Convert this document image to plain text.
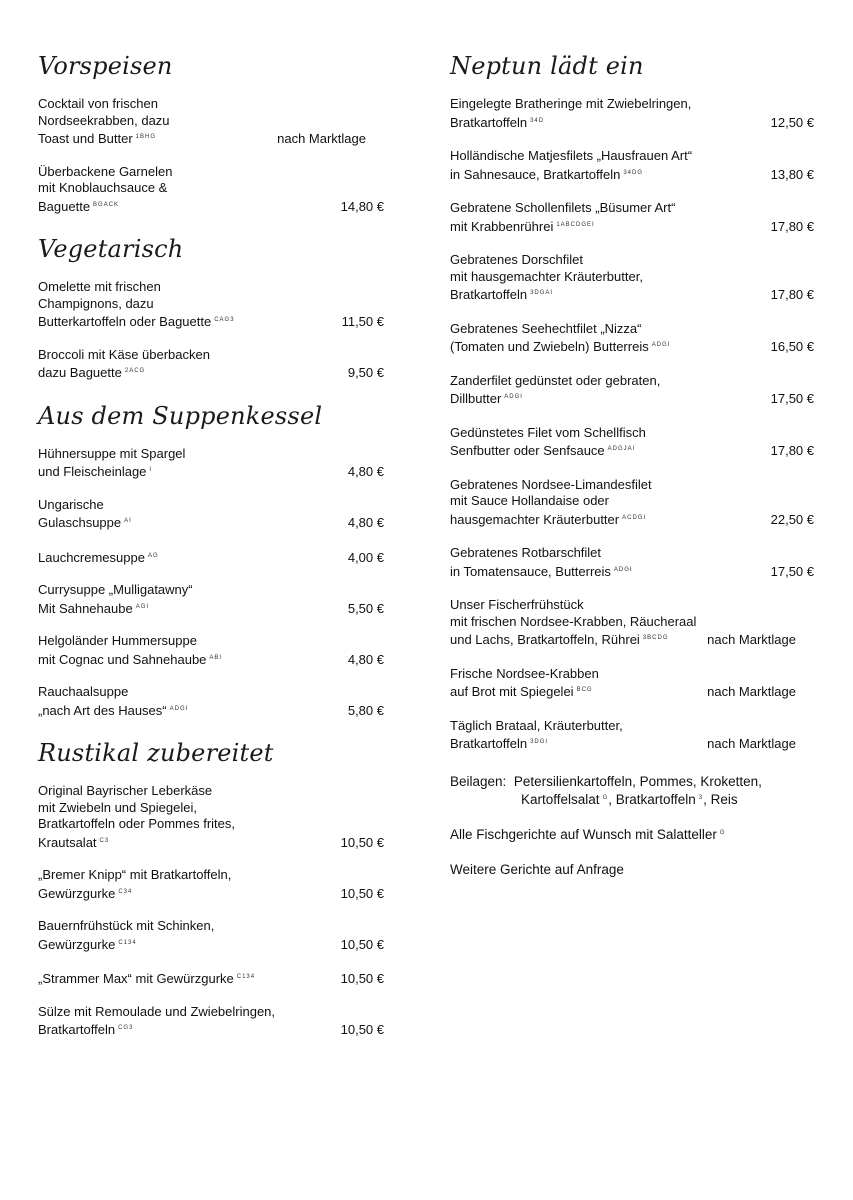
Vorspeisen
Cocktail von frischen
Nordseekrabben, dazu
Toast und Butter $^{1BHG}$	nach Marktlage
Überbackene Garnelen
mit Knoblauchsauce &
Baguette $^{BGACK}$	14,80 €
Vegetarisch
Omelette mit frischen
Champignons, dazu
Butterkartoffeln oder Baguette $^{CAG3}$	11,50 €
Broccoli mit Käse überbacken
dazu Baguette $^{2ACG}$	9,50 €
Aus dem Suppenkessel
Hühnersuppe mit Spargel
und Fleischeinlage $^I$	4,80 €
Ungarische
Gulaschsuppe $^{AI}$	4,80 €
Lauchcremesuppe $^{AG}$	4,00 €
Currysuppe „Mulligatawny“
Mit Sahnehaube $^{AGI}$	5,50 €
Helgoländer Hummersuppe
mit Cognac und Sahnehaube $^{ABI}$	4,80 €
Rauchaalsuppe
„nach Art des Hauses“ $^{ADGI}$	5,80 €
Rustikal zubereitet
Original Bayrischer Leberkäse
mit Zwiebeln und Spiegelei,
Bratkartoffeln oder Pommes frites,
Krautsalat $^{C3}$	10,50 €
„Bremer Knipp“ mit Bratkartoffeln,
Gewürzgurke $^{C34}$	10,50 €
Bauernfrühstück mit Schinken,
Gewürzgurke $^{C134}$	10,50 €
„Strammer Max“ mit Gewürzgurke $^{C134}$	10,50 €
Sülze mit Remoulade und Zwiebelringen,
Bratkartoffeln $^{CG3}$	10,50 €
Neptun lädt ein
Eingelegte Bratheringe mit Zwiebelringen,
Bratkartoffeln $^{34D}$	12,50 €
Holländische Matjesfilets „Hausfrauen Art“
in Sahnesauce, Bratkartoffeln $^{34DG}$	13,80 €
Gebratene Schollenfilets „Büsumer Art“
mit Krabbenrührei $^{1ABCDGEI}$	17,80 €
Gebratenes Dorschfilet
mit hausgemachter Kräuterbutter,
Bratkartoffeln $^{3DGAI}$	17,80 €
Gebratenes Seehechtfilet „Nizza“
(Tomaten und Zwiebeln) Butterreis $^{ADGI}$	16,50 €
Zanderfilet gedünstet oder gebraten,
Dillbutter $^{ADGI}$	17,50 €
Gedünstetes Filet vom Schellfisch
Senfbutter oder Senfsauce $^{ADGJAI}$	17,80 €
Gebratenes Nordsee-Limandesfilet
mit Sauce Hollandaise oder
hausgemachter Kräuterbutter $^{ACDGI}$	22,50 €
Gebratenes Rotbarschfilet
in Tomatensauce, Butterreis $^{ADGI}$	17,50 €
Unser Fischerfrühstück
mit frischen Nordsee-Krabben, Räucheraal
und Lachs, Bratkartoffeln, Rührei $^{3BCDG}$	nach Marktlage
Frische Nordsee-Krabben
auf Brot mit Spiegelei $^{BCG}$	nach Marktlage
Täglich Brataal, Kräuterbutter,
Bratkartoffeln $^{3DGI}$	nach Marktlage
Beilagen: Petersilienkartoffeln, Pommes, Kroketten,
Kartoffelsalat $^G$, Bratkartoffeln $^3$, Reis
Alle Fischgerichte auf Wunsch mit Salatteller $^G$
Weitere Gerichte auf Anfrage
